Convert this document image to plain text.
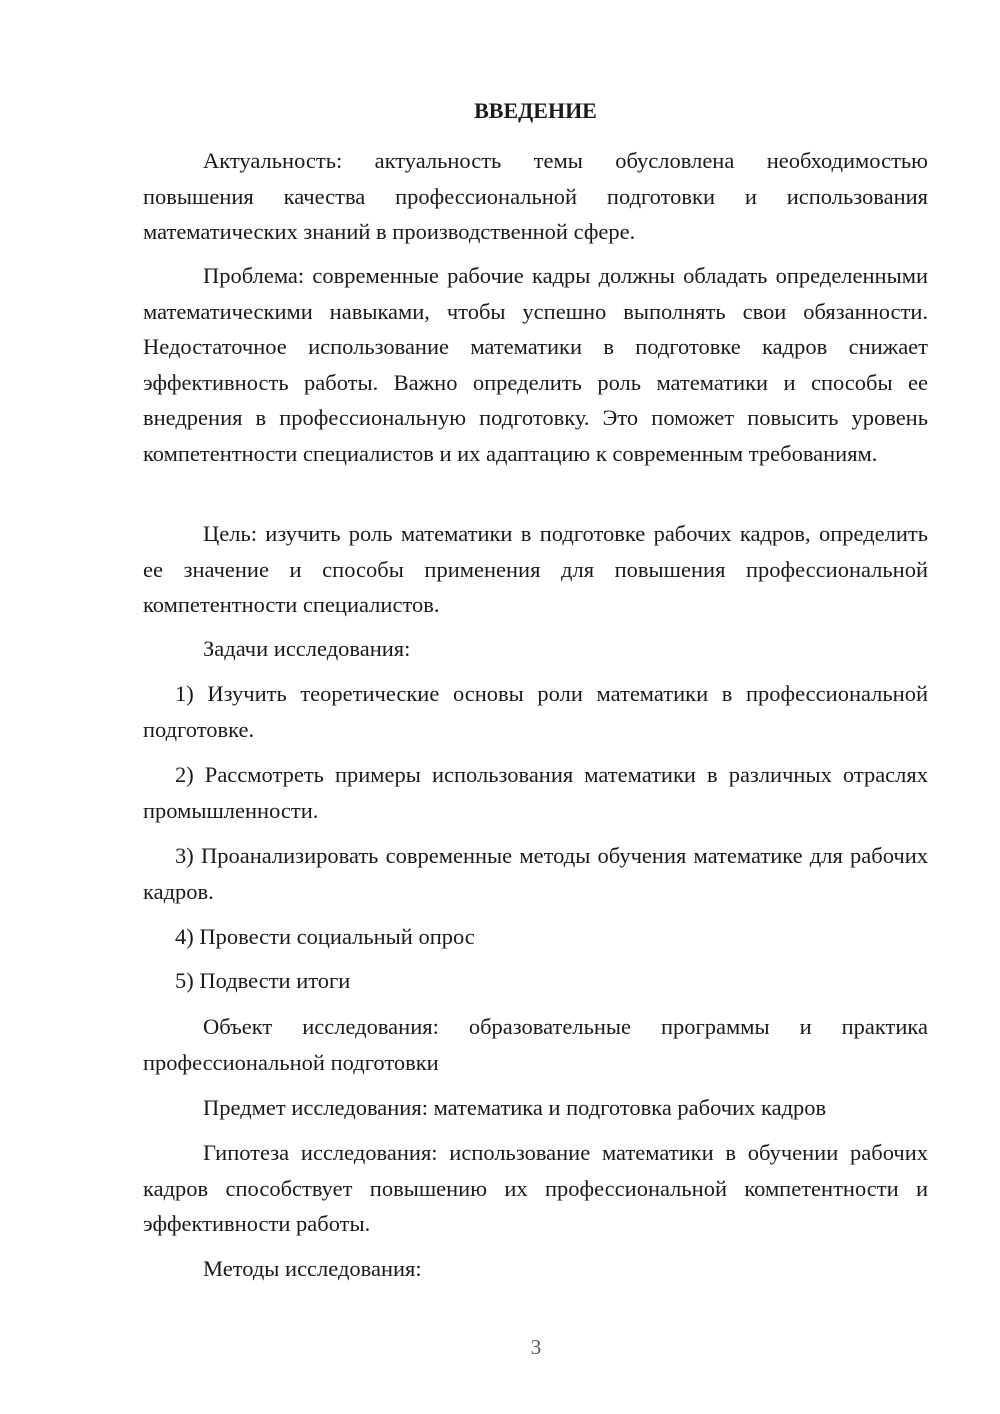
ВВЕДЕНИЕ

Актуальность: актуальность темы обусловлена необходимостью повышения качества профессиональной подготовки и использования математических знаний в производственной сфере.

Проблема: современные рабочие кадры должны обладать определенными математическими навыками, чтобы успешно выполнять свои обязанности. Недостаточное использование математики в подготовке кадров снижает эффективность работы. Важно определить роль математики и способы ее внедрения в профессиональную подготовку. Это поможет повысить уровень компетентности специалистов и их адаптацию к современным требованиям.

Цель: изучить роль математики в подготовке рабочих кадров, определить ее значение и способы применения для повышения профессиональной компетентности специалистов.

Задачи исследования:

1) Изучить теоретические основы роли математики в профессиональной подготовке.

2) Рассмотреть примеры использования математики в различных отраслях промышленности.

3) Проанализировать современные методы обучения математике для рабочих кадров.

4) Провести социальный опрос

5) Подвести итоги

Объект исследования: образовательные программы и практика профессиональной подготовки

Предмет исследования: математика и подготовка рабочих кадров

Гипотеза исследования: использование математики в обучении рабочих кадров способствует повышению их профессиональной компетентности и эффективности работы.

Методы исследования:

3
